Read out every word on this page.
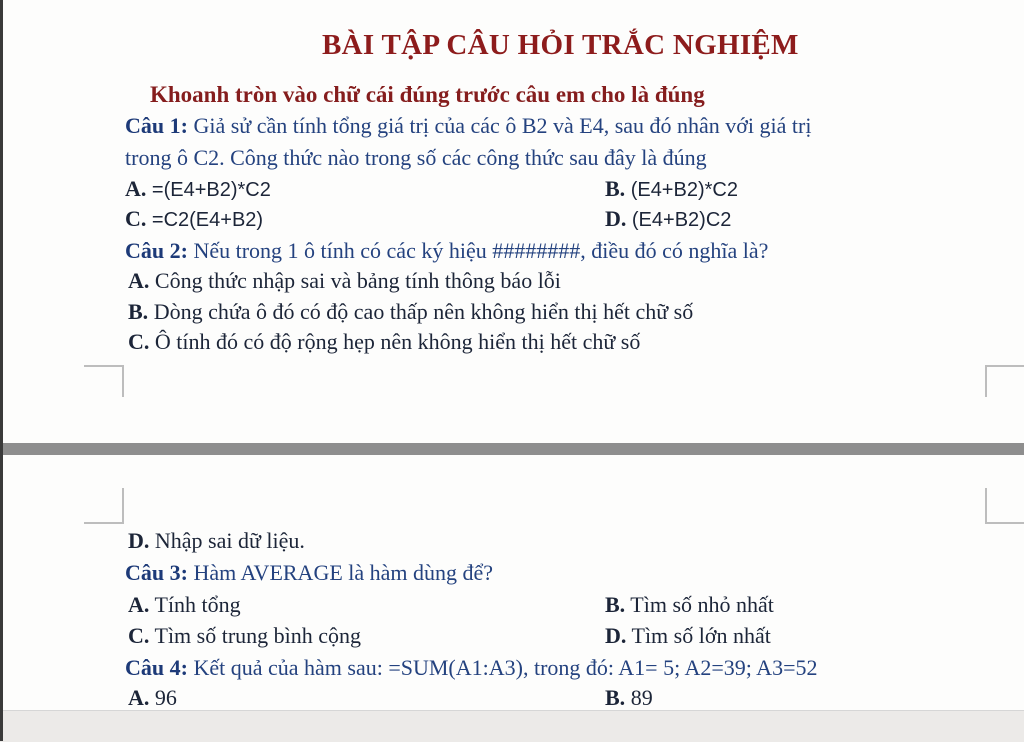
BÀI TẬP CÂU HỎI TRẮC NGHIỆM
Khoanh tròn vào chữ cái đúng trước câu em cho là đúng
Câu 1: Giả sử cần tính tổng giá trị của các ô B2 và E4, sau đó nhân với giá trị
trong ô C2. Công thức nào trong số các công thức sau đây là đúng
A. =(E4+B2)*C2	B. (E4+B2)*C2
C. =C2(E4+B2)	D. (E4+B2)C2
Câu 2: Nếu trong 1 ô tính có các ký hiệu ########, điều đó có nghĩa là?
A. Công thức nhập sai và bảng tính thông báo lỗi
B. Dòng chứa ô đó có độ cao thấp nên không hiển thị hết chữ số
C. Ô tính đó có độ rộng hẹp nên không hiển thị hết chữ số
D. Nhập sai dữ liệu.
Câu 3: Hàm AVERAGE là hàm dùng để?
A. Tính tổng	B. Tìm số nhỏ nhất
C. Tìm số trung bình cộng	D. Tìm số lớn nhất
Câu 4: Kết quả của hàm sau: =SUM(A1:A3), trong đó: A1= 5; A2=39; A3=52
A. 96	B. 89
